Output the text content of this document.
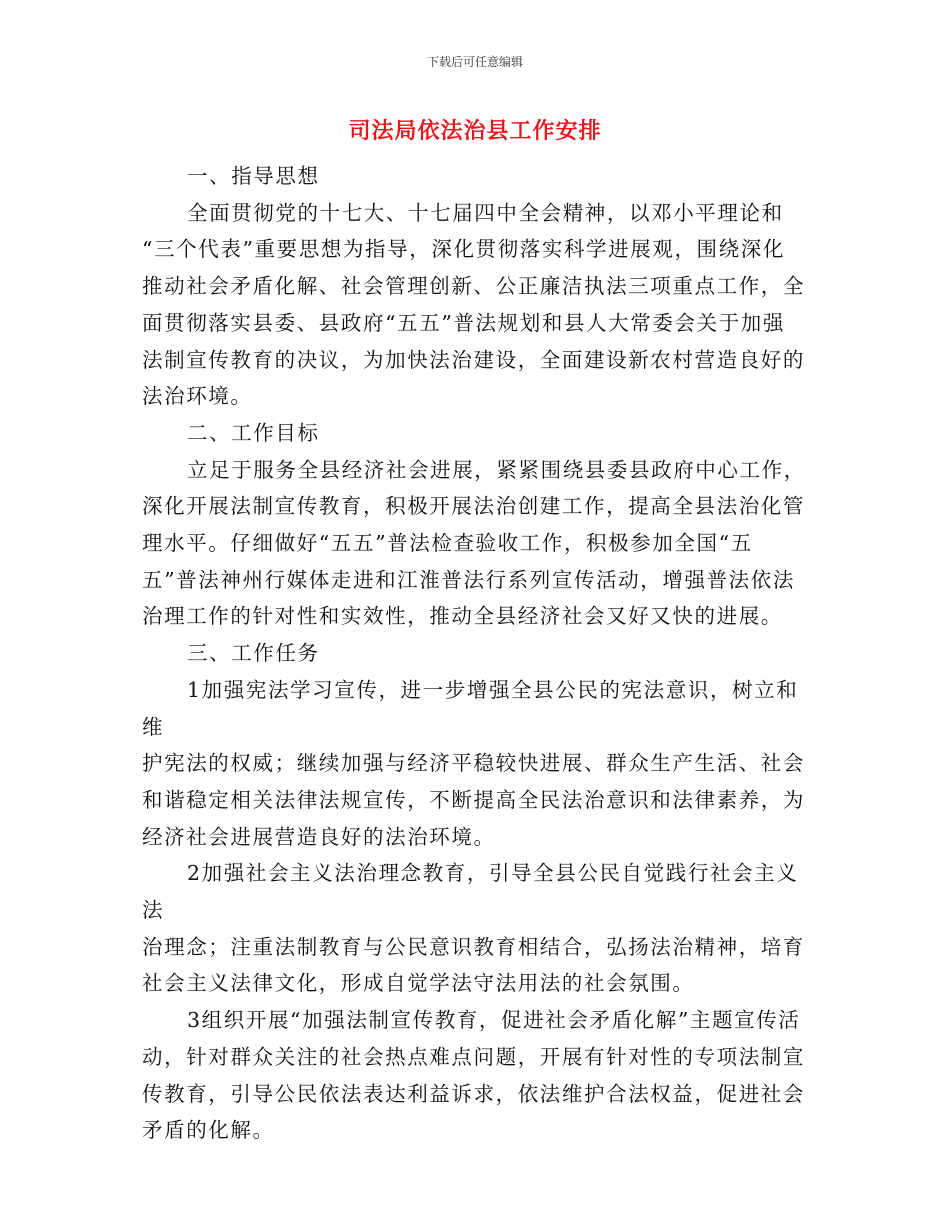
下载后可任意编辑
司法局依法治县工作安排

一、指导思想

全面贯彻党的十七大、十七届四中全会精神，以邓小平理论和
“三个代表”重要思想为指导，深化贯彻落实科学进展观，围绕深化
推动社会矛盾化解、社会管理创新、公正廉洁执法三项重点工作，全
面贯彻落实县委、县政府“五五”普法规划和县人大常委会关于加强
法制宣传教育的决议，为加快法治建设，全面建设新农村营造良好的
法治环境。

二、工作目标

立足于服务全县经济社会进展，紧紧围绕县委县政府中心工作，
深化开展法制宣传教育，积极开展法治创建工作，提高全县法治化管
理水平。仔细做好“五五”普法检查验收工作，积极参加全国“五
五”普法神州行媒体走进和江淮普法行系列宣传活动，增强普法依法
治理工作的针对性和实效性，推动全县经济社会又好又快的进展。

三、工作任务

1加强宪法学习宣传，进一步增强全县公民的宪法意识，树立和维
护宪法的权威；继续加强与经济平稳较快进展、群众生产生活、社会
和谐稳定相关法律法规宣传，不断提高全民法治意识和法律素养，为
经济社会进展营造良好的法治环境。

2加强社会主义法治理念教育，引导全县公民自觉践行社会主义法
治理念；注重法制教育与公民意识教育相结合，弘扬法治精神，培育
社会主义法律文化，形成自觉学法守法用法的社会氛围。

3组织开展“加强法制宣传教育，促进社会矛盾化解”主题宣传活
动，针对群众关注的社会热点难点问题，开展有针对性的专项法制宣
传教育，引导公民依法表达利益诉求，依法维护合法权益，促进社会
矛盾的化解。
